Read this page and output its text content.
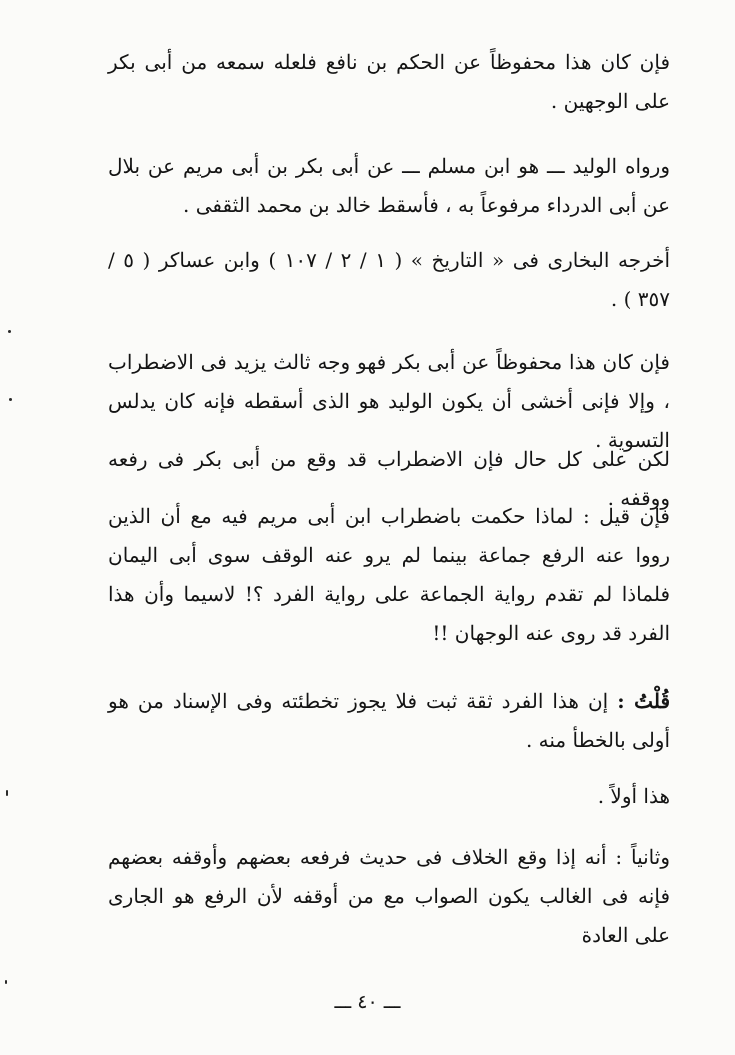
فإن كان هذا محفوظاً عن الحكم بن نافع فلعله سمعه من أبى بكر على الوجهين .

ورواه الوليد ـــ هو ابن مسلم ـــ عن أبى بكر بن أبى مريم عن بلال عن أبى الدرداء مرفوعاً به ، فأسقط خالد بن محمد الثقفى .

أخرجه البخارى فى « التاريخ » ( ١ / ٢ / ١٠٧ ) وابن عساكر ( ٥ / ٣٥٧ ) .

فإن كان هذا محفوظاً عن أبى بكر فهو وجه ثالث يزيد فى الاضطراب ، وإلا فإنى أخشى أن يكون الوليد هو الذى أسقطه فإنه كان يدلس التسوية .

لكن على كل حال فإن الاضطراب قد وقع من أبى بكر فى رفعه ووقفه .

فإن قيل : لماذا حكمت باضطراب ابن أبى مريم فيه مع أن الذين رووا عنه الرفع جماعة بينما لم يرو عنه الوقف سوى أبى اليمان فلماذا لم تقدم رواية الجماعة على رواية الفرد ؟! لاسيما وأن هذا الفرد قد روى عنه الوجهان !!

قُلْتُ : إن هذا الفرد ثقة ثبت فلا يجوز تخطئته وفى الإسناد من هو أولى بالخطأ منه .

هذا أولاً .

وثانياً : أنه إذا وقع الخلاف فى حديث فرفعه بعضهم وأوقفه بعضهم فإنه فى الغالب يكون الصواب مع من أوقفه لأن الرفع هو الجارى على العادة

ـــ ٤٠ ـــ
